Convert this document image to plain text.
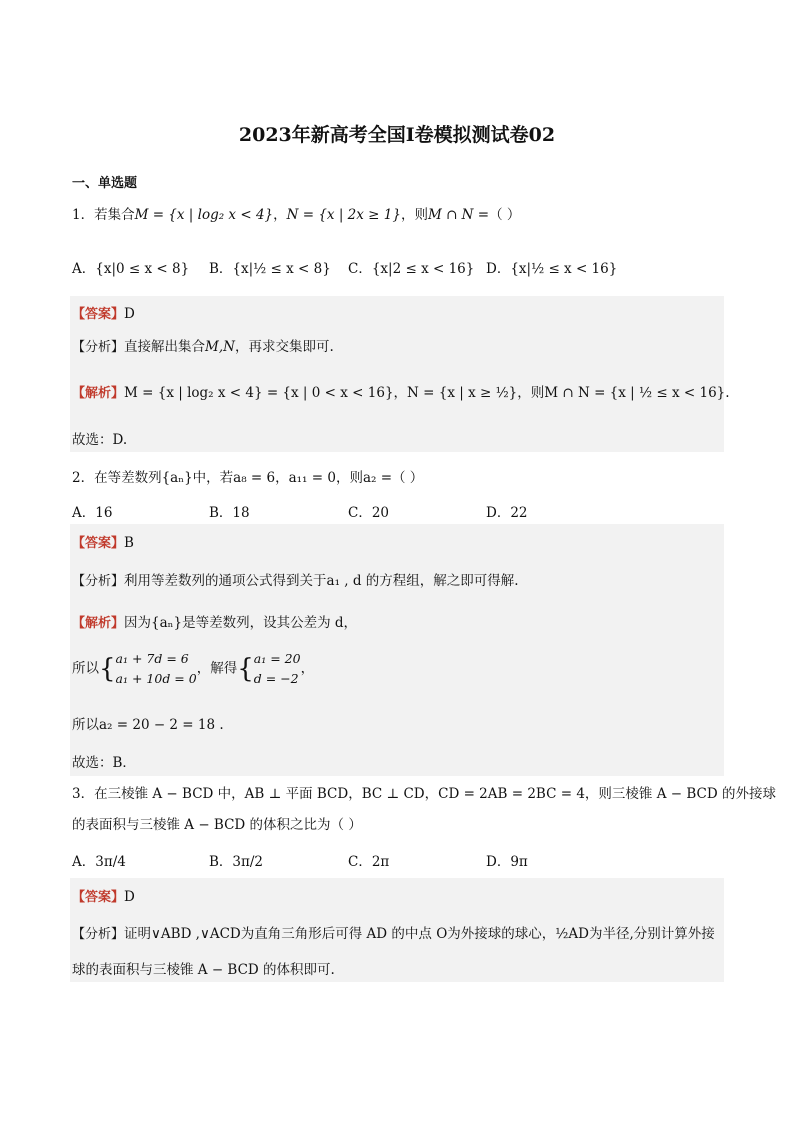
2023年新高考全国Ⅰ卷模拟测试卷02
一、单选题
1．若集合M = {x | log₂ x < 4}，N = {x | 2x ≥ 1}，则M ∩ N =（ ）
A．{x|0 ≤ x < 8} B．{x|½ ≤ x < 8} C．{x|2 ≤ x < 16} D．{x|½ ≤ x < 16}
【答案】D
【分析】直接解出集合M,N，再求交集即可.
【解析】M = {x | log₂ x < 4} = {x | 0 < x < 16}，N = {x | x ≥ ½}，则M ∩ N = {x | ½ ≤ x < 16}.
故选：D.
2．在等差数列{aₙ}中，若a₈ = 6，a₁₁ = 0，则a₂ =（ ）
A．16	B．18	C．20	D．22
【答案】B
【分析】利用等差数列的通项公式得到关于a₁ , d 的方程组，解之即可得解.
【解析】因为{aₙ}是等差数列，设其公差为 d，
所以{ a₁ + 7d = 6
a₁ + 10d = 0
，解得{ a₁ = 20
d = −2
，
所以a₂ = 20 − 2 = 18 .
故选：B．
3．在三棱锥 A − BCD 中，AB ⊥ 平面 BCD，BC ⊥ CD，CD = 2AB = 2BC = 4，则三棱锥 A − BCD 的外接球
的表面积与三棱锥 A − BCD 的体积之比为（ ）
A．3π/4	B．3π/2	C．2π	D．9π
【答案】D
【分析】证明∨ABD ,∨ACD为直角三角形后可得 AD 的中点 O为外接球的球心，½AD为半径,分别计算外接
球的表面积与三棱锥 A − BCD 的体积即可.
